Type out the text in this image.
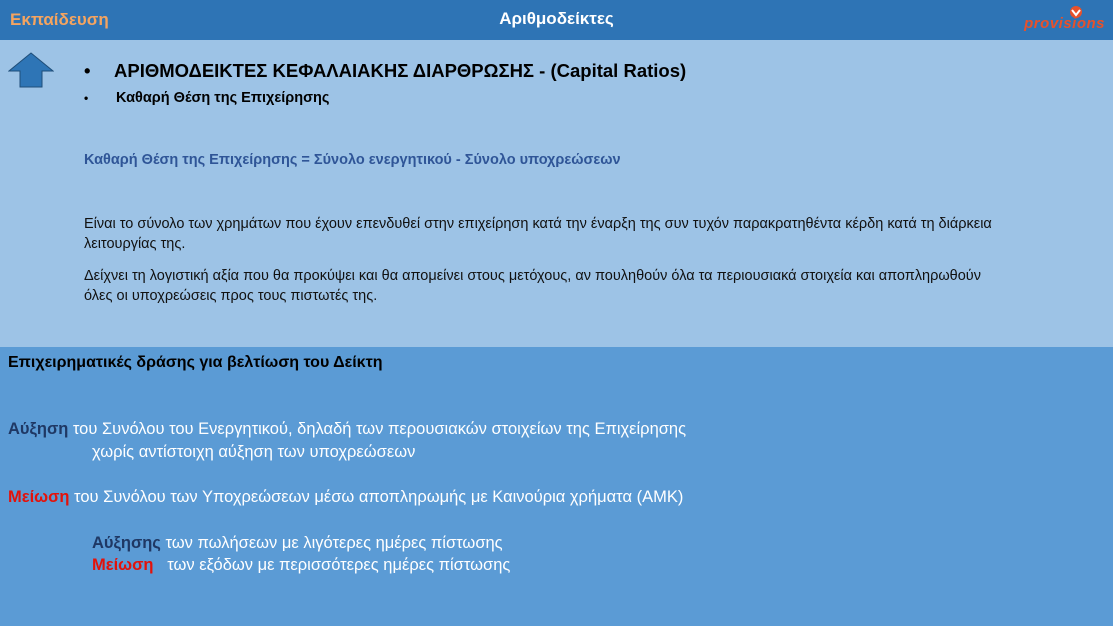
Εκπαίδευση	Αριθμοδείκτες	provisions
• ΑΡΙΘΜΟΔΕΙΚΤΕΣ ΚΕΦΑΛΑΙΑΚΗΣ ΔΙΑΡΘΡΩΣΗΣ - (Capital Ratios)
• Καθαρή Θέση της Επιχείρησης
Καθαρή Θέση της Επιχείρησης = Σύνολο ενεργητικού - Σύνολο υποχρεώσεων
Είναι το σύνολο των χρημάτων που έχουν επενδυθεί στην επιχείρηση κατά την έναρξη της συν τυχόν παρακρατηθέντα κέρδη κατά τη διάρκεια λειτουργίας της.
Δείχνει τη λογιστική αξία που θα προκύψει και θα απομείνει στους μετόχους, αν πουληθούν όλα τα περιουσιακά στοιχεία και αποπληρωθούν όλες οι υποχρεώσεις προς τους πιστωτές της.
Επιχειρηματικές δράσης για βελτίωση του Δείκτη
Αύξηση του Συνόλου του Ενεργητικού, δηλαδή των περουσιακών στοιχείων της Επιχείρησης
χωρίς αντίστοιχη αύξηση των υποχρεώσεων
Μείωση του Συνόλου των Υποχρεώσεων μέσω αποπληρωμής με Καινούρια χρήματα (ΑΜΚ)
Αύξησης των πωλήσεων με λιγότερες ημέρες πίστωσης
Μείωση   των εξόδων με περισσότερες ημέρες πίστωσης
